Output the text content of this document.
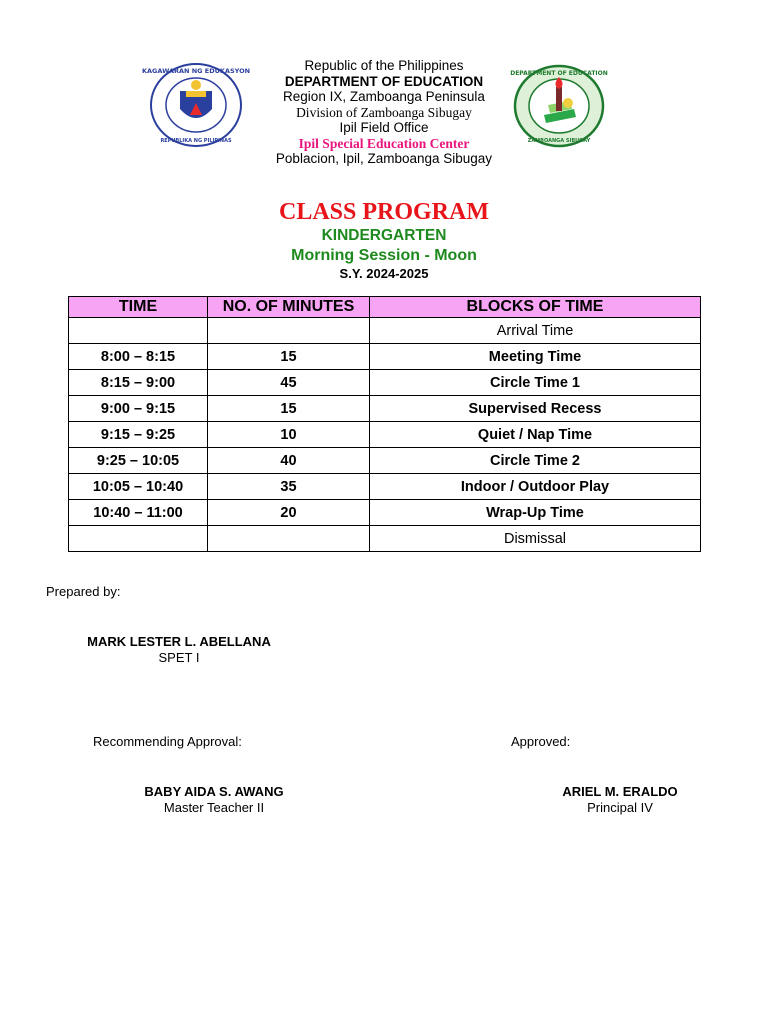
KAGAWARAN NG EDUKASYON
REPUBLIKA NG PILIPINAS
Republic of the Philippines
DEPARTMENT OF EDUCATION
Region IX, Zamboanga Peninsula
Division of Zamboanga Sibugay
Ipil Field Office
Ipil Special Education Center
Poblacion, Ipil, Zamboanga Sibugay
DEPARTMENT OF EDUCATION
ZAMBOANGA SIBUGAY
CLASS PROGRAM
KINDERGARTEN
Morning Session - Moon
S.Y. 2024-2025
TIME	NO. OF MINUTES	BLOCKS OF TIME
		Arrival Time
8:00 – 8:15	15	Meeting Time
8:15 – 9:00	45	Circle Time 1
9:00 – 9:15	15	Supervised Recess
9:15 – 9:25	10	Quiet / Nap Time
9:25 – 10:05	40	Circle Time 2
10:05 – 10:40	35	Indoor / Outdoor Play
10:40 – 11:00	20	Wrap-Up Time
		Dismissal
Prepared by:
MARK LESTER L. ABELLANA
SPET I
Recommending Approval:	Approved:
BABY AIDA S. AWANG
Master Teacher II
ARIEL M. ERALDO
Principal IV
